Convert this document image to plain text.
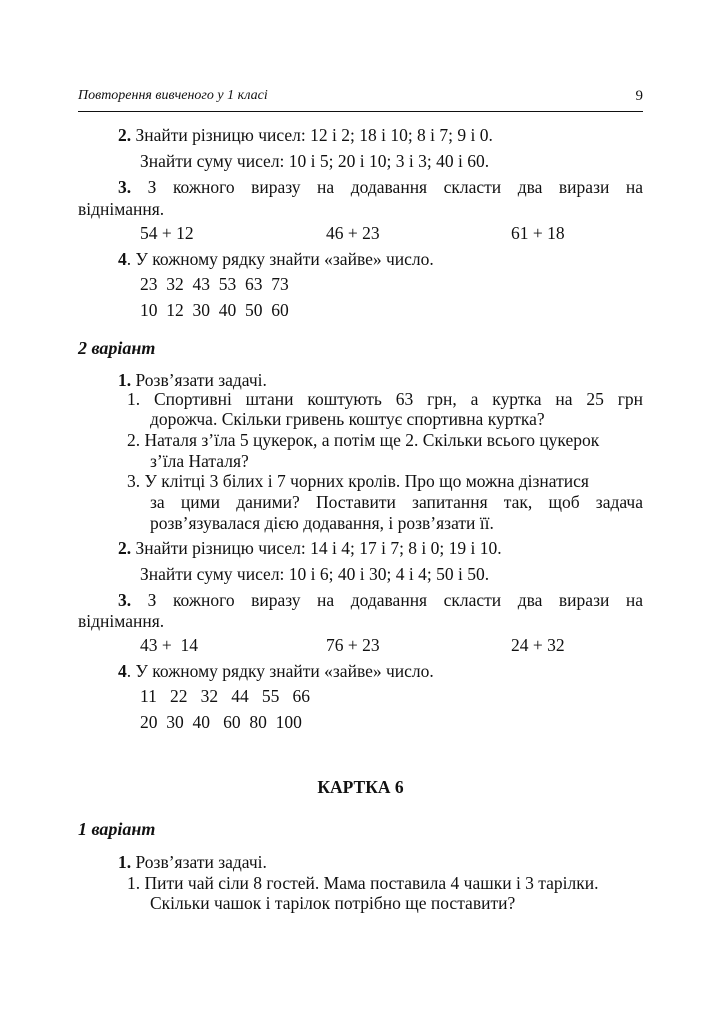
Повторення вивченого у 1 класі	9
2. Знайти різницю чисел: 12 і 2; 18 і 10; 8 і 7; 9 і 0.
Знайти суму чисел: 10 і 5; 20 і 10; 3 і 3; 40 і 60.
3. З кожного виразу на додавання скласти два вирази на
віднімання.
54 + 12	46 + 23	61 + 18
4. У кожному рядку знайти «зайве» число.
23  32  43  53  63  73
10  12  30  40  50  60
2 варіант
1. Розв’язати задачі.
1. Спортивні штани коштують 63 грн, а куртка на 25 грн
дорожча. Скільки гривень коштує спортивна куртка?
2. Наталя з’їла 5 цукерок, а потім ще 2. Скільки всього цукерок
з’їла Наталя?
3. У клітці 3 білих і 7 чорних кролів. Про що можна дізнатися
за цими даними? Поставити запитання так, щоб задача
розв’язувалася дією додавання, і розв’язати її.
2. Знайти різницю чисел: 14 і 4; 17 і 7; 8 і 0; 19 і 10.
Знайти суму чисел: 10 і 6; 40 і 30; 4 і 4; 50 і 50.
3. З кожного виразу на додавання скласти два вирази на
віднімання.
43 +  14	76 + 23	24 + 32
4. У кожному рядку знайти «зайве» число.
11   22   32   44   55   66
20  30  40   60  80  100
КАРТКА 6
1 варіант
1. Розв’язати задачі.
1. Пити чай сіли 8 гостей. Мама поставила 4 чашки і 3 тарілки.
Скільки чашок і тарілок потрібно ще поставити?
